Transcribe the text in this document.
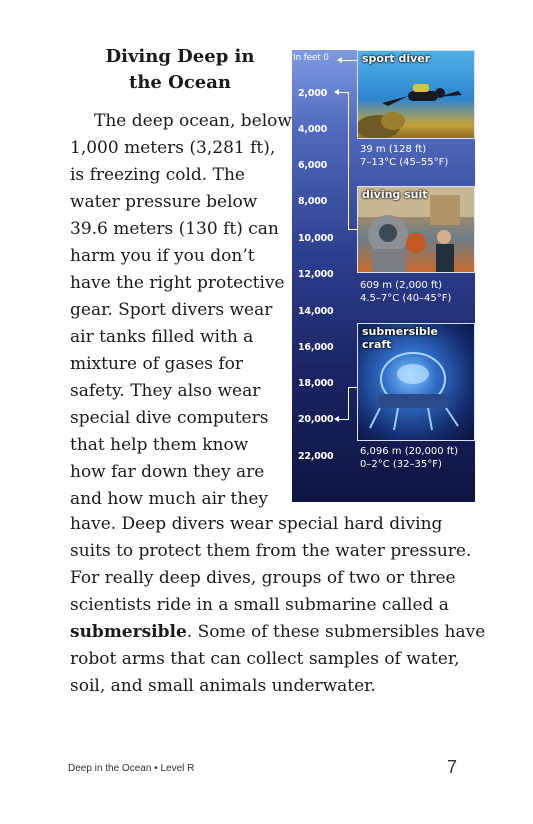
Diving Deep in
the Ocean
The deep ocean, below
1,000 meters (3,281 ft),
is freezing cold. The
water pressure below
39.6 meters (130 ft) can
harm you if you don’t
have the right protective
gear. Sport divers wear
air tanks filled with a
mixture of gases for
safety. They also wear
special dive computers
that help them know
how far down they are
and how much air they
have. Deep divers wear special hard diving
suits to protect them from the water pressure.
For really deep dives, groups of two or three
scientists ride in a small submarine called a
submersible. Some of these submersibles have
robot arms that can collect samples of water,
soil, and small animals underwater.
In feet 0
2,000
4,000
6,000
8,000
10,000
12,000
14,000
16,000
18,000
20,000
22,000
sport diver
39 m (128 ft)
7–13°C (45–55°F)
diving suit
609 m (2,000 ft)
4.5–7°C (40–45°F)
submersible craft
6,096 m (20,000 ft)
0–2°C (32–35°F)
Deep in the Ocean • Level R	7
